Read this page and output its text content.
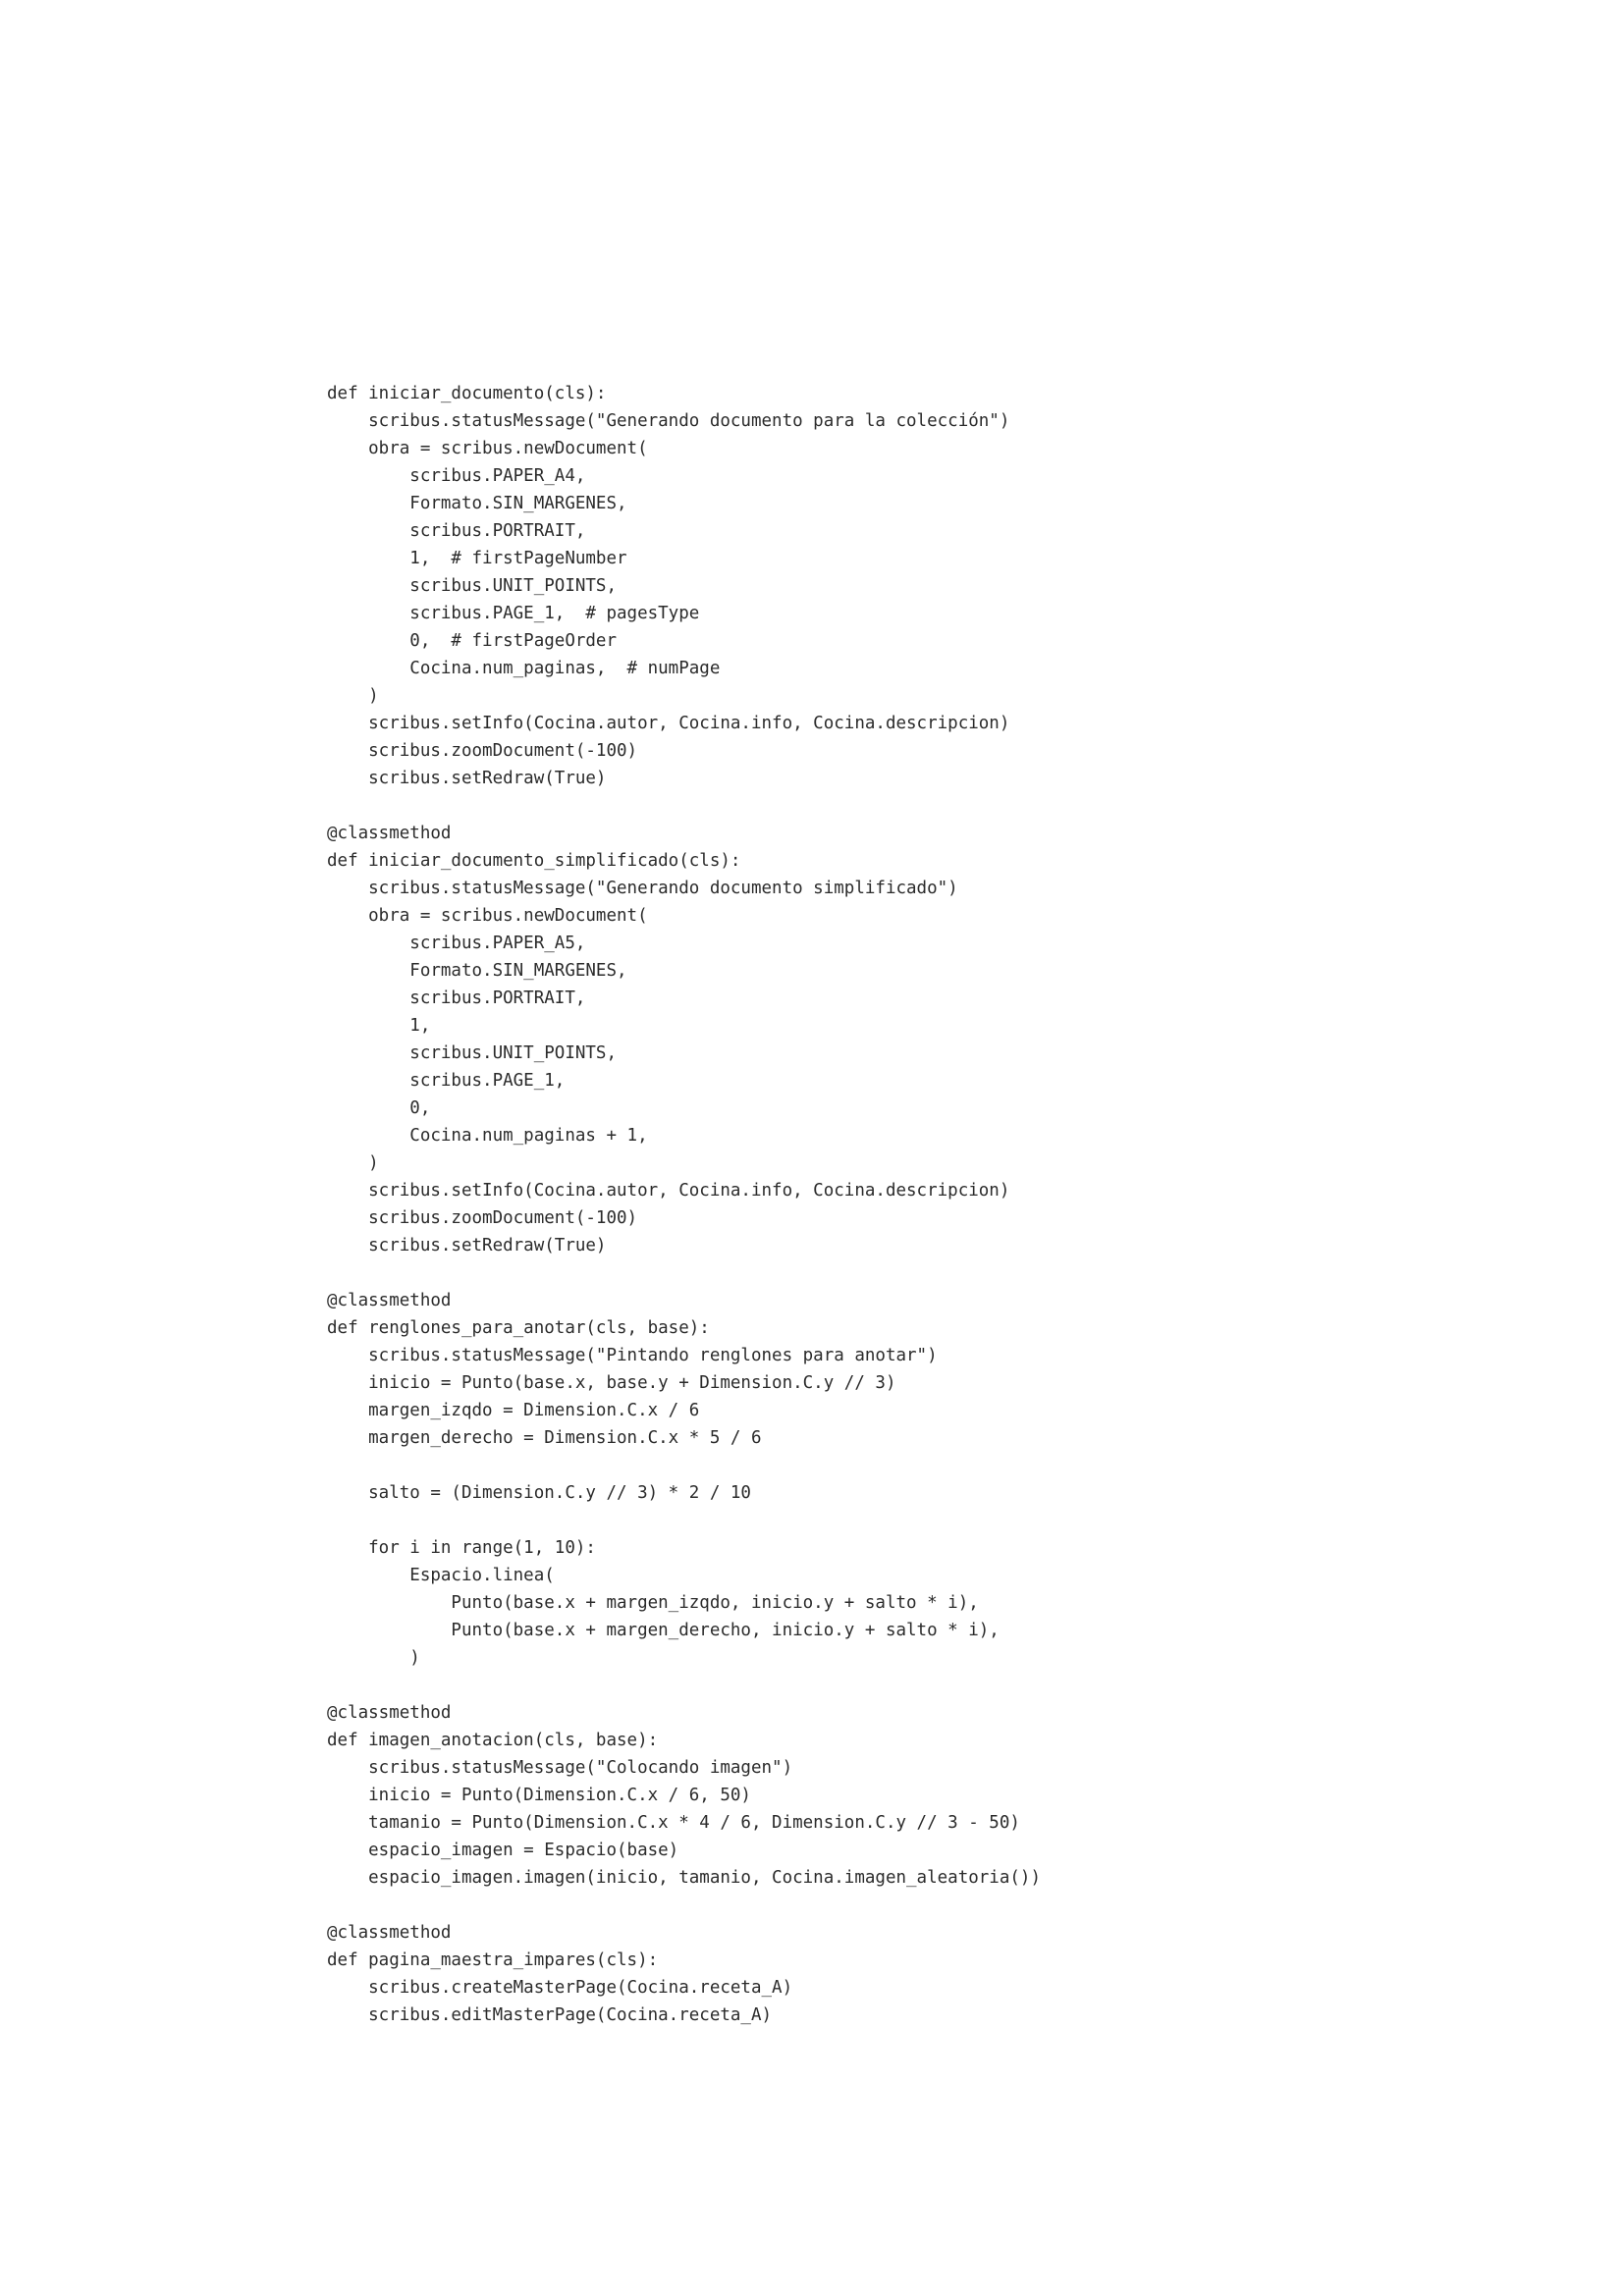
def iniciar_documento(cls):
scribus.statusMessage("Generando documento para la colección")
obra = scribus.newDocument(
scribus.PAPER_A4,
Formato.SIN_MARGENES,
scribus.PORTRAIT,
1,  # firstPageNumber
scribus.UNIT_POINTS,
scribus.PAGE_1,  # pagesType
0,  # firstPageOrder
Cocina.num_paginas,  # numPage
)
scribus.setInfo(Cocina.autor, Cocina.info, Cocina.descripcion)
scribus.zoomDocument(-100)
scribus.setRedraw(True)
@classmethod
def iniciar_documento_simplificado(cls):
scribus.statusMessage("Generando documento simplificado")
obra = scribus.newDocument(
scribus.PAPER_A5,
Formato.SIN_MARGENES,
scribus.PORTRAIT,
1,
scribus.UNIT_POINTS,
scribus.PAGE_1,
0,
Cocina.num_paginas + 1,
)
scribus.setInfo(Cocina.autor, Cocina.info, Cocina.descripcion)
scribus.zoomDocument(-100)
scribus.setRedraw(True)
@classmethod
def renglones_para_anotar(cls, base):
scribus.statusMessage("Pintando renglones para anotar")
inicio = Punto(base.x, base.y + Dimension.C.y // 3)
margen_izqdo = Dimension.C.x / 6
margen_derecho = Dimension.C.x * 5 / 6
salto = (Dimension.C.y // 3) * 2 / 10
for i in range(1, 10):
Espacio.linea(
Punto(base.x + margen_izqdo, inicio.y + salto * i),
Punto(base.x + margen_derecho, inicio.y + salto * i),
)
@classmethod
def imagen_anotacion(cls, base):
scribus.statusMessage("Colocando imagen")
inicio = Punto(Dimension.C.x / 6, 50)
tamanio = Punto(Dimension.C.x * 4 / 6, Dimension.C.y // 3 - 50)
espacio_imagen = Espacio(base)
espacio_imagen.imagen(inicio, tamanio, Cocina.imagen_aleatoria())
@classmethod
def pagina_maestra_impares(cls):
scribus.createMasterPage(Cocina.receta_A)
scribus.editMasterPage(Cocina.receta_A)
